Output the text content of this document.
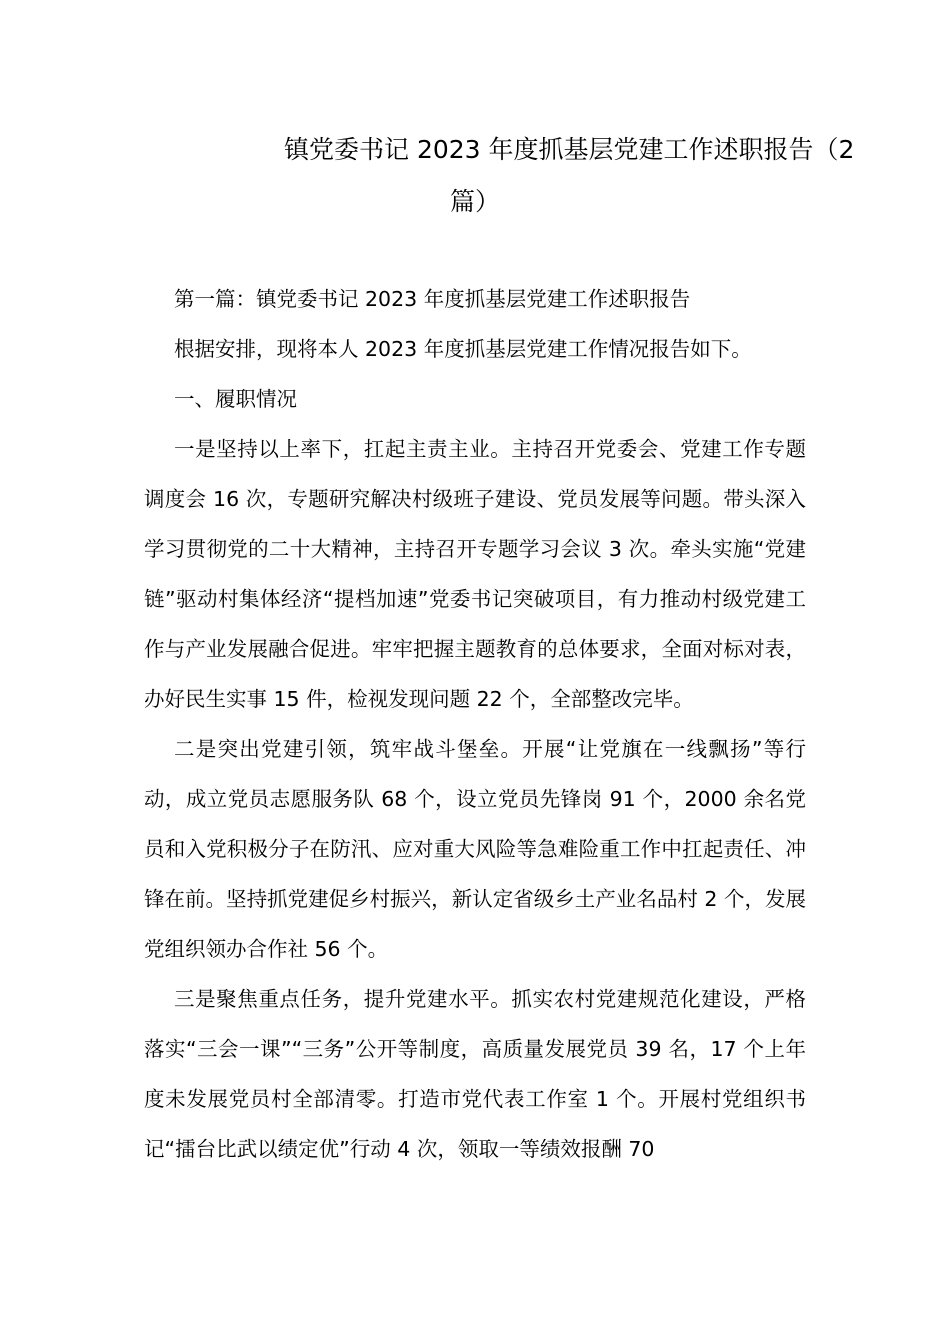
镇党委书记 2023 年度抓基层党建工作述职报告（2
篇）

第一篇：镇党委书记 2023 年度抓基层党建工作述职报告

根据安排，现将本人 2023 年度抓基层党建工作情况报告如下。

一、履职情况

一是坚持以上率下，扛起主责主业。主持召开党委会、党建工作专题调度会 16 次，专题研究解决村级班子建设、党员发展等问题。带头深入学习贯彻党的二十大精神，主持召开专题学习会议 3 次。牵头实施“党建链”驱动村集体经济“提档加速”党委书记突破项目，有力推动村级党建工作与产业发展融合促进。牢牢把握主题教育的总体要求，全面对标对表，办好民生实事 15 件，检视发现问题 22 个，全部整改完毕。

二是突出党建引领，筑牢战斗堡垒。开展“让党旗在一线飘扬”等行动，成立党员志愿服务队 68 个，设立党员先锋岗 91 个，2000 余名党员和入党积极分子在防汛、应对重大风险等急难险重工作中扛起责任、冲锋在前。坚持抓党建促乡村振兴，新认定省级乡土产业名品村 2 个，发展党组织领办合作社 56 个。

三是聚焦重点任务，提升党建水平。抓实农村党建规范化建设，严格落实“三会一课”“三务”公开等制度，高质量发展党员 39 名，17 个上年度未发展党员村全部清零。打造市党代表工作室 1 个。开展村党组织书记“擂台比武以绩定优”行动 4 次，领取一等绩效报酬 70
